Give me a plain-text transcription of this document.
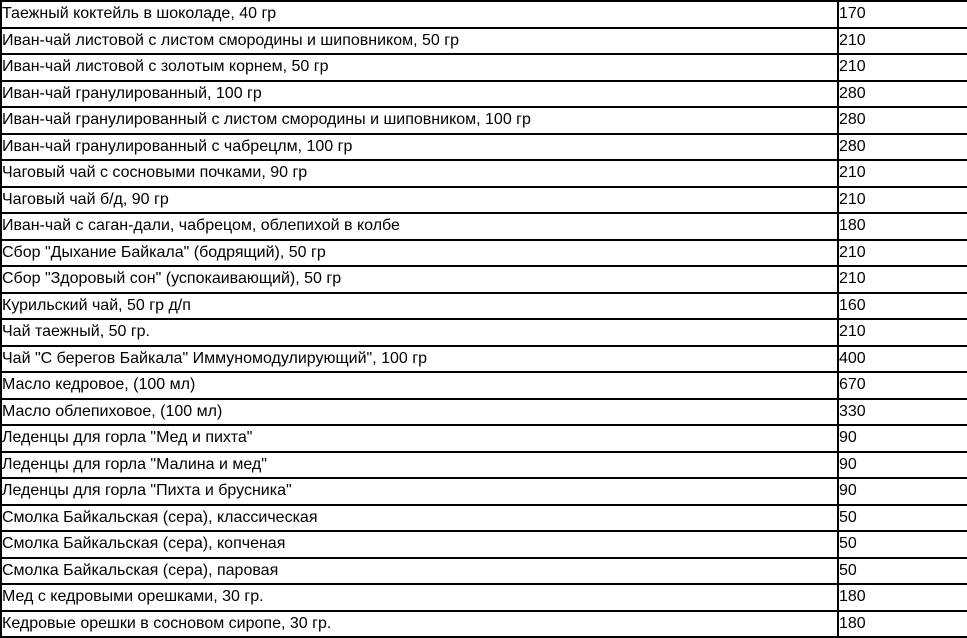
Таежный коктейль в шоколаде, 40 гр	170
Иван-чай листовой с листом смородины и шиповником, 50 гр	210
Иван-чай листовой с золотым корнем, 50 гр	210
Иван-чай гранулированный, 100 гр	280
Иван-чай гранулированный с листом смородины и шиповником, 100 гр	280
Иван-чай гранулированный с чабрецлм, 100 гр	280
Чаговый чай с сосновыми почками, 90 гр	210
Чаговый чай б/д, 90 гр	210
Иван-чай с саган-дали, чабрецом, облепихой в колбе	180
Сбор "Дыхание Байкала" (бодрящий), 50 гр	210
Сбор "Здоровый сон" (успокаивающий), 50 гр	210
Курильский чай, 50 гр д/п	160
Чай таежный, 50 гр.	210
Чай "С берегов Байкала" Иммуномодулирующий", 100 гр	400
Масло кедровое, (100 мл)	670
Масло облепиховое, (100 мл)	330
Леденцы для горла "Мед и пихта"	90
Леденцы для горла "Малина и мед"	90
Леденцы для горла "Пихта и брусника"	90
Смолка Байкальская (сера), классическая	50
Смолка Байкальская (сера), копченая	50
Смолка Байкальская (сера), паровая	50
Мед с кедровыми орешками, 30 гр.	180
Кедровые орешки в сосновом сиропе, 30 гр.	180
